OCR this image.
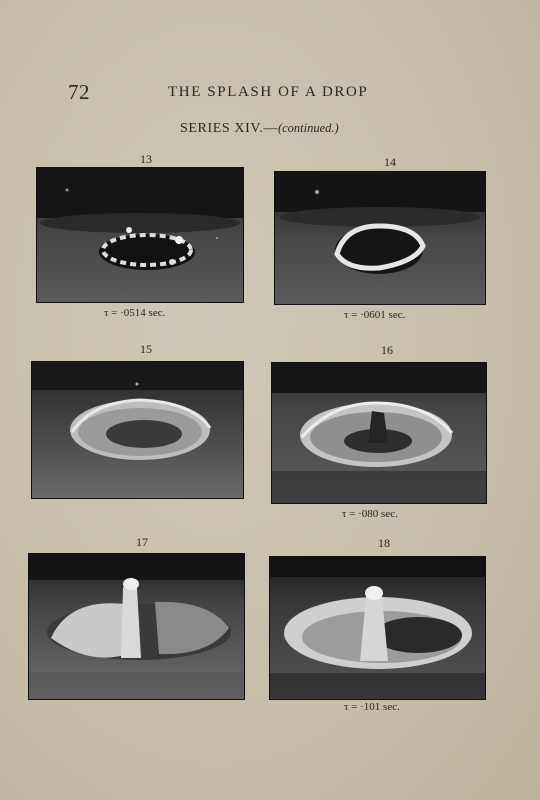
72	THE SPLASH OF A DROP
SERIES XIV.—(continued.)
13
τ = ·0514 sec.
14
τ = ·0601 sec.
15	16
τ = ·080 sec.
17	18
τ = ·101 sec.
